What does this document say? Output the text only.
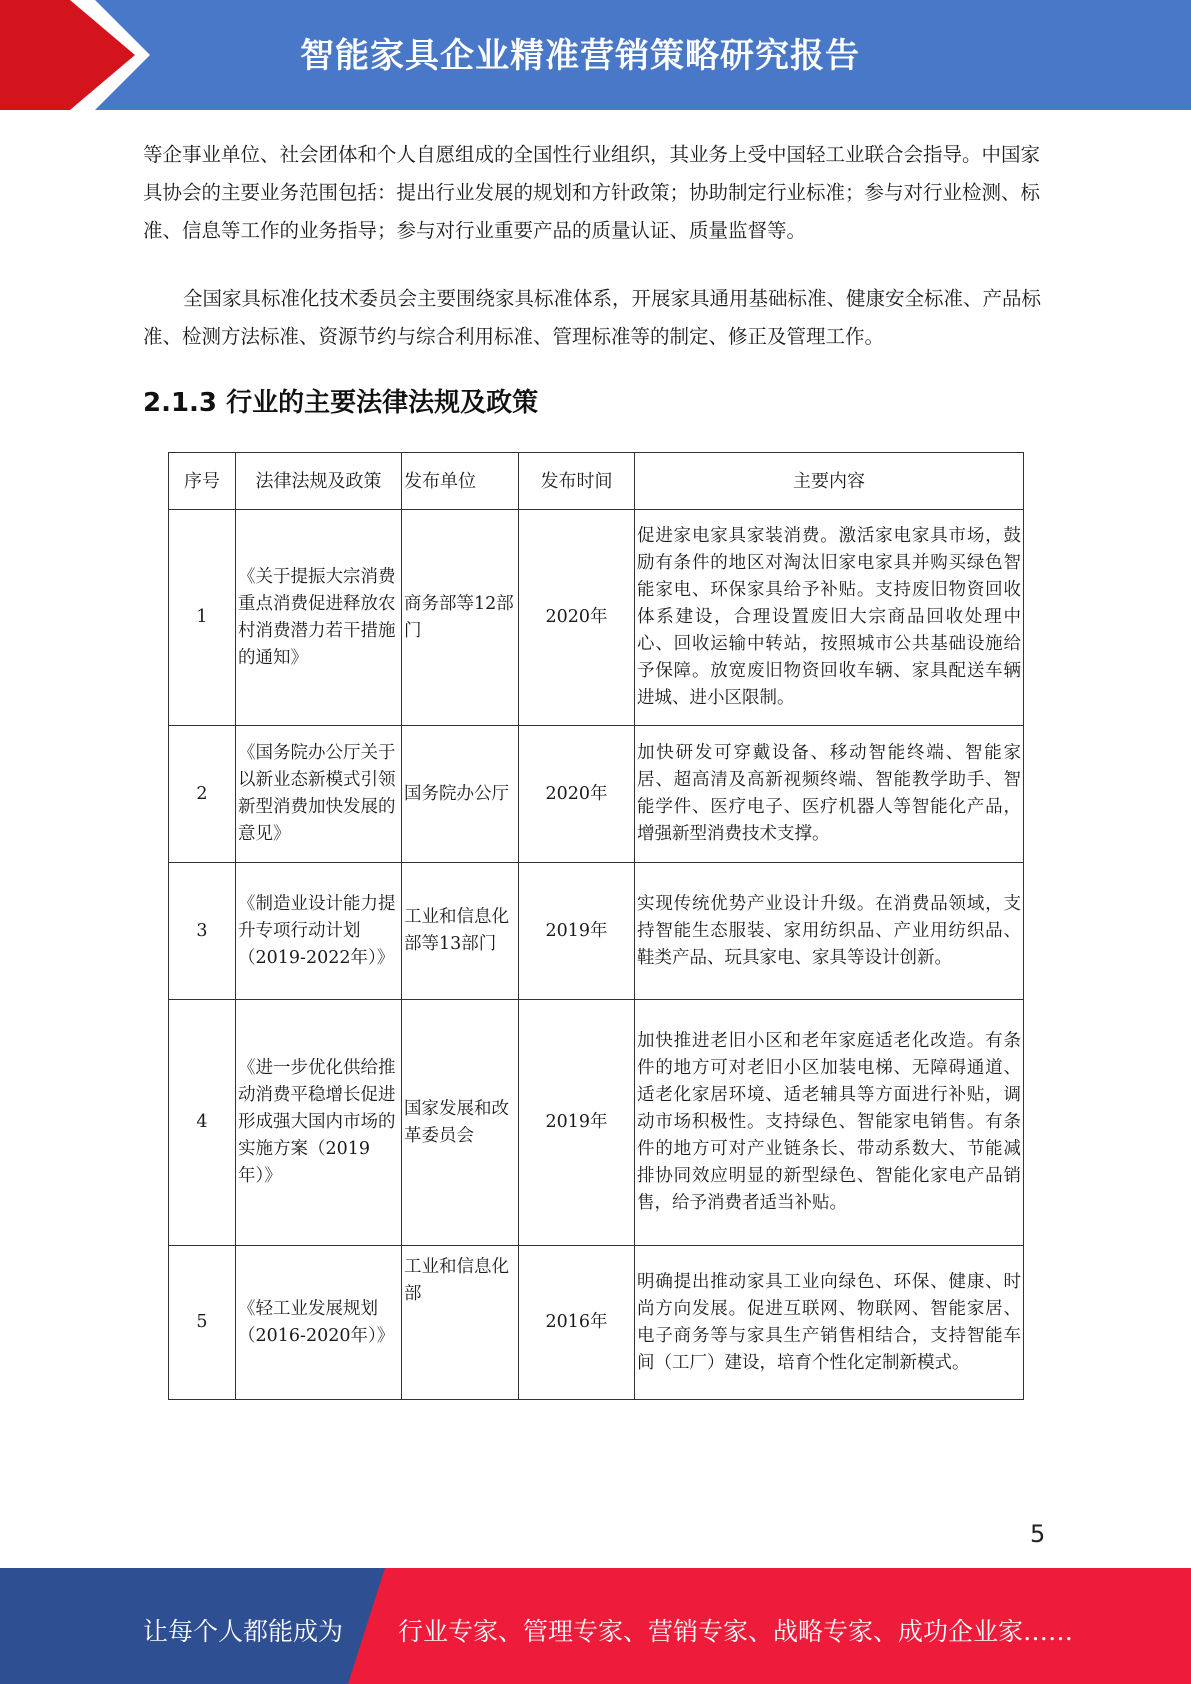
智能家具企业精准营销策略研究报告

等企事业单位、社会团体和个人自愿组成的全国性行业组织，其业务上受中国轻工业联合会指导。中国家具协会的主要业务范围包括：提出行业发展的规划和方针政策；协助制定行业标准；参与对行业检测、标准、信息等工作的业务指导；参与对行业重要产品的质量认证、质量监督等。

全国家具标准化技术委员会主要围绕家具标准体系，开展家具通用基础标准、健康安全标准、产品标准、检测方法标准、资源节约与综合利用标准、管理标准等的制定、修正及管理工作。

2.1.3 行业的主要法律法规及政策
序号	法律法规及政策	发布单位	发布时间	主要内容
1	《关于提振大宗消费重点消费促进释放农村消费潜力若干措施的通知》	商务部等12部门	2020年	促进家电家具家装消费。激活家电家具市场，鼓励有条件的地区对淘汰旧家电家具并购买绿色智能家电、环保家具给予补贴。支持废旧物资回收体系建设，合理设置废旧大宗商品回收处理中心、回收运输中转站，按照城市公共基础设施给予保障。放宽废旧物资回收车辆、家具配送车辆进城、进小区限制。
2	《国务院办公厅关于以新业态新模式引领新型消费加快发展的意见》	国务院办公厅	2020年	加快研发可穿戴设备、移动智能终端、智能家居、超高清及高新视频终端、智能教学助手、智能学件、医疗电子、医疗机器人等智能化产品，增强新型消费技术支撑。
3	《制造业设计能力提升专项行动计划（2019-2022年）》	工业和信息化部等13部门	2019年	实现传统优势产业设计升级。在消费品领域，支持智能生态服装、家用纺织品、产业用纺织品、鞋类产品、玩具家电、家具等设计创新。
4	《进一步优化供给推动消费平稳增长促进形成强大国内市场的实施方案（2019年）》	国家发展和改革委员会	2019年	加快推进老旧小区和老年家庭适老化改造。有条件的地方可对老旧小区加装电梯、无障碍通道、适老化家居环境、适老辅具等方面进行补贴，调动市场积极性。支持绿色、智能家电销售。有条件的地方可对产业链条长、带动系数大、节能减排协同效应明显的新型绿色、智能化家电产品销售，给予消费者适当补贴。
5	《轻工业发展规划（2016-2020年）》	工业和信息化部	2016年	明确提出推动家具工业向绿色、环保、健康、时尚方向发展。促进互联网、物联网、智能家居、电子商务等与家具生产销售相结合，支持智能车间（工厂）建设，培育个性化定制新模式。
5
让每个人都能成为 行业专家、管理专家、营销专家、战略专家、成功企业家……
